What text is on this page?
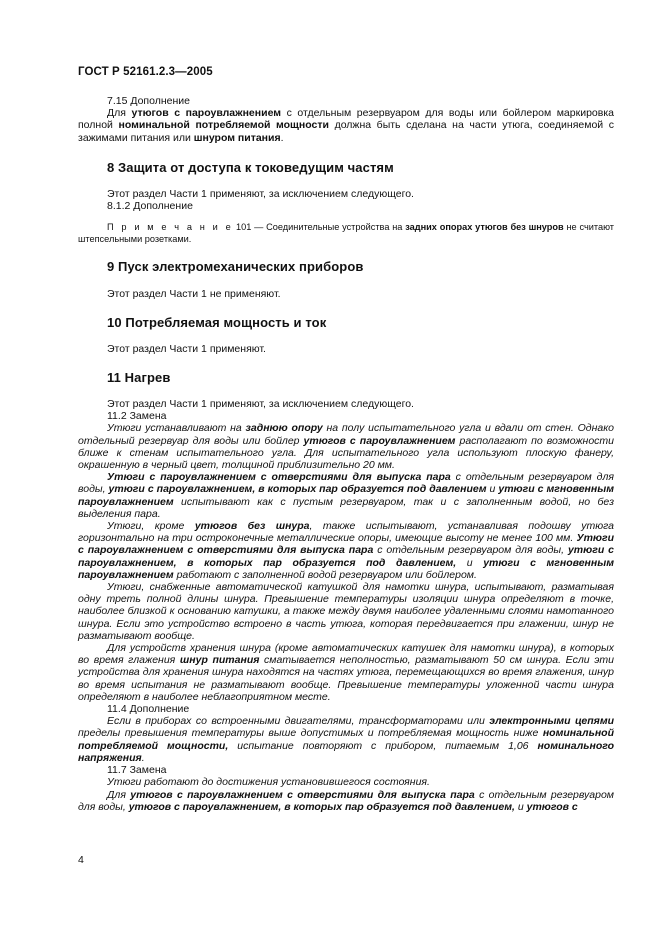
ГОСТ Р 52161.2.3—2005

7.15 Дополнение

Для утюгов с пароувлажнением с отдельным резервуаром для воды или бойлером маркировка полной номинальной потребляемой мощности должна быть сделана на части утюга, соединяемой с зажимами питания или шнуром питания.

8 Защита от доступа к токоведущим частям

Этот раздел Части 1 применяют, за исключением следующего.

8.1.2 Дополнение

П р и м е ч а н и е 101 — Соединительные устройства на задних опорах утюгов без шнуров не считают штепсельными розетками.

9 Пуск электромеханических приборов

Этот раздел Части 1 не применяют.

10 Потребляемая мощность и ток

Этот раздел Части 1 применяют.

11 Нагрев

Этот раздел Части 1 применяют, за исключением следующего.

11.2 Замена

Утюги устанавливают на заднюю опору на полу испытательного угла и вдали от стен. Однако отдельный резервуар для воды или бойлер утюгов с пароувлажнением располагают по возможности ближе к стенам испытательного угла. Для испытательного угла используют плоскую фанеру, окрашенную в черный цвет, толщиной приблизительно 20 мм.

Утюги с пароувлажнением с отверстиями для выпуска пара с отдельным резервуаром для воды, утюги с пароувлажнением, в которых пар образуется под давлением и утюги с мгновенным пароувлажнением испытывают как с пустым резервуаром, так и с заполненным водой, но без выделения пара.

Утюги, кроме утюгов без шнура, также испытывают, устанавливая подошву утюга горизонтально на три остроконечные металлические опоры, имеющие высоту не менее 100 мм. Утюги с пароувлажнением с отверстиями для выпуска пара с отдельным резервуаром для воды, утюги с пароувлажнением, в которых пар образуется под давлением, и утюги с мгновенным пароувлажнением работают с заполненной водой резервуаром или бойлером.

Утюги, снабженные автоматической катушкой для намотки шнура, испытывают, разматывая одну треть полной длины шнура. Превышение температуры изоляции шнура определяют в точке, наиболее близкой к основанию катушки, а также между двумя наиболее удаленными слоями намотанного шнура. Если это устройство встроено в часть утюга, которая передвигается при глажении, шнур не разматывают вообще.

Для устройств хранения шнура (кроме автоматических катушек для намотки шнура), в которых во время глажения шнур питания сматывается неполностью, разматывают 50 см шнура. Если эти устройства для хранения шнура находятся на частях утюга, перемещающихся во время глажения, шнур во время испытания не разматывают вообще. Превышение температуры уложенной части шнура определяют в наиболее неблагоприятном месте.

11.4 Дополнение

Если в приборах со встроенными двигателями, трансформаторами или электронными цепями пределы превышения температуры выше допустимых и потребляемая мощность ниже номинальной потребляемой мощности, испытание повторяют с прибором, питаемым 1,06 номинального напряжения.

11.7 Замена

Утюги работают до достижения установившегося состояния.

Для утюгов с пароувлажнением с отверстиями для выпуска пара с отдельным резервуаром для воды, утюгов с пароувлажнением, в которых пар образуется под давлением, и утюгов с

4
